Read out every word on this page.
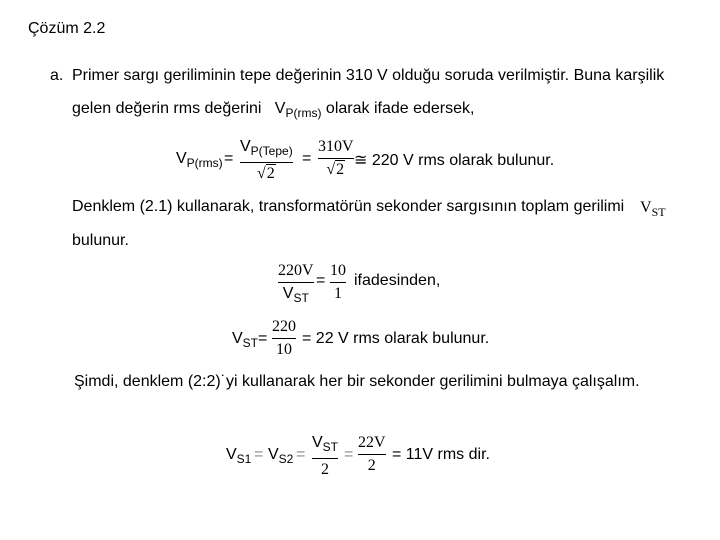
Çözüm 2.2
a. Primer sargı geriliminin tepe değerinin 310 V olduğu soruda verilmiştir. Buna karşilik
gelen değerin rms değerini $V_{P(rms)}$ olarak ifade edersek,
$V_{P(rms)}$ =
$V_{P(Tepe)}$
√2
=
310V
√2
≅ 220 V rms olarak bulunur.
Denklem (2.1) kullanarak, transformatörün sekonder sargısının toplam gerilimi $V_{ST}$
bulunur.
220V
$V_{ST}$
=
10
1
ifadesinden,
$V_{ST}$ =
220
10
= 22 V rms olarak bulunur.
Şimdi, denklem (2:2)˙yi kullanarak her bir sekonder gerilimini bulmaya çalışalım.
$V_{S1} = V_{S2}$ =
$V_{ST}$
2
=
22V
2
= 11V rms dir.
